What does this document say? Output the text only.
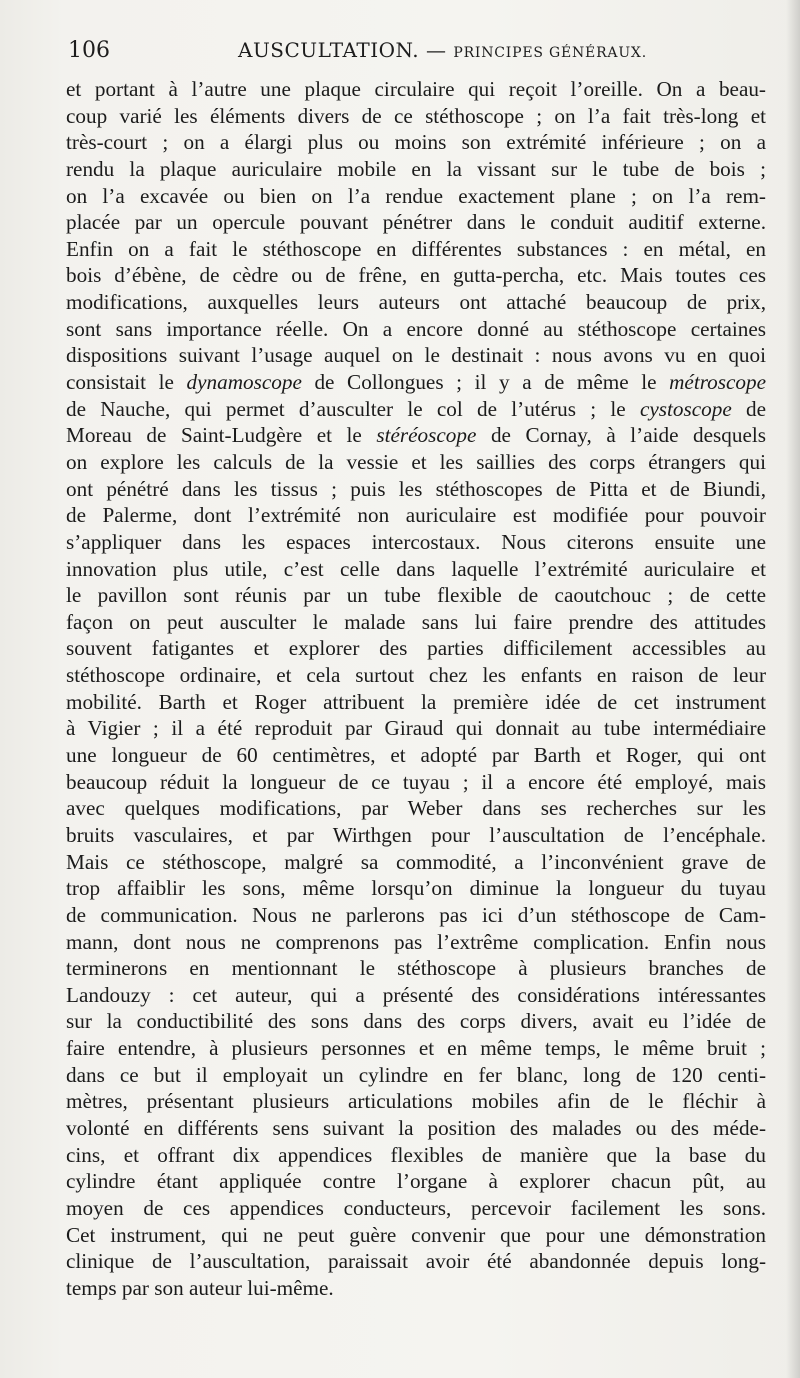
106	AUSCULTATION. — PRINCIPES GÉNÉRAUX.
et portant à l’autre une plaque circulaire qui reçoit l’oreille. On a beau-
coup varié les éléments divers de ce stéthoscope ; on l’a fait très-long et
très-court ; on a élargi plus ou moins son extrémité inférieure ; on a
rendu la plaque auriculaire mobile en la vissant sur le tube de bois ;
on l’a excavée ou bien on l’a rendue exactement plane ; on l’a rem-
placée par un opercule pouvant pénétrer dans le conduit auditif externe.
Enfin on a fait le stéthoscope en différentes substances : en métal, en
bois d’ébène, de cèdre ou de frêne, en gutta-percha, etc. Mais toutes ces
modifications, auxquelles leurs auteurs ont attaché beaucoup de prix,
sont sans importance réelle. On a encore donné au stéthoscope certaines
dispositions suivant l’usage auquel on le destinait : nous avons vu en quoi
consistait le dynamoscope de Collongues ; il y a de même le métroscope
de Nauche, qui permet d’ausculter le col de l’utérus ; le cystoscope de
Moreau de Saint-Ludgère et le stéréoscope de Cornay, à l’aide desquels
on explore les calculs de la vessie et les saillies des corps étrangers qui
ont pénétré dans les tissus ; puis les stéthoscopes de Pitta et de Biundi,
de Palerme, dont l’extrémité non auriculaire est modifiée pour pouvoir
s’appliquer dans les espaces intercostaux. Nous citerons ensuite une
innovation plus utile, c’est celle dans laquelle l’extrémité auriculaire et
le pavillon sont réunis par un tube flexible de caoutchouc ; de cette
façon on peut ausculter le malade sans lui faire prendre des attitudes
souvent fatigantes et explorer des parties difficilement accessibles au
stéthoscope ordinaire, et cela surtout chez les enfants en raison de leur
mobilité. Barth et Roger attribuent la première idée de cet instrument
à Vigier ; il a été reproduit par Giraud qui donnait au tube intermédiaire
une longueur de 60 centimètres, et adopté par Barth et Roger, qui ont
beaucoup réduit la longueur de ce tuyau ; il a encore été employé, mais
avec quelques modifications, par Weber dans ses recherches sur les
bruits vasculaires, et par Wirthgen pour l’auscultation de l’encéphale.
Mais ce stéthoscope, malgré sa commodité, a l’inconvénient grave de
trop affaiblir les sons, même lorsqu’on diminue la longueur du tuyau
de communication. Nous ne parlerons pas ici d’un stéthoscope de Cam-
mann, dont nous ne comprenons pas l’extrême complication. Enfin nous
terminerons en mentionnant le stéthoscope à plusieurs branches de
Landouzy : cet auteur, qui a présenté des considérations intéressantes
sur la conductibilité des sons dans des corps divers, avait eu l’idée de
faire entendre, à plusieurs personnes et en même temps, le même bruit ;
dans ce but il employait un cylindre en fer blanc, long de 120 centi-
mètres, présentant plusieurs articulations mobiles afin de le fléchir à
volonté en différents sens suivant la position des malades ou des méde-
cins, et offrant dix appendices flexibles de manière que la base du
cylindre étant appliquée contre l’organe à explorer chacun pût, au
moyen de ces appendices conducteurs, percevoir facilement les sons.
Cet instrument, qui ne peut guère convenir que pour une démonstration
clinique de l’auscultation, paraissait avoir été abandonnée depuis long-
temps par son auteur lui-même.
